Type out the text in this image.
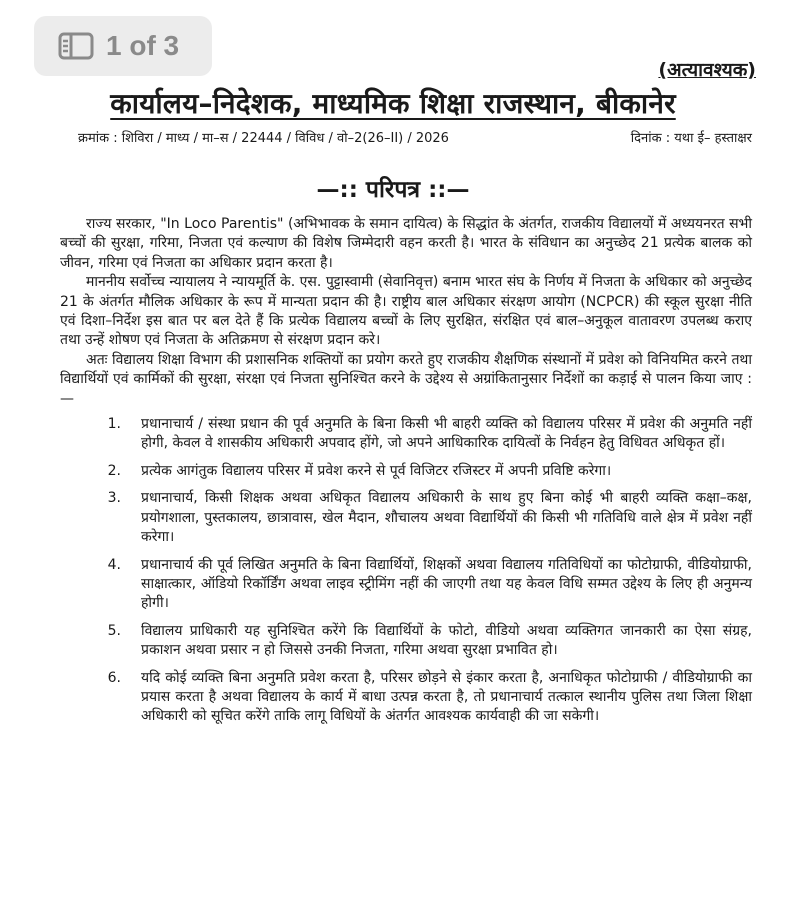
1 of 3
(अत्यावश्यक)
कार्यालय–निदेशक, माध्यमिक शिक्षा राजस्थान, बीकानेर
क्रमांक : शिविरा / माध्य / मा–स / 22444 / विविध / वो–2(26–II) / 2026	दिनांक : यथा ई– हस्ताक्षर
—:: परिपत्र ::—

राज्य सरकार, "In Loco Parentis" (अभिभावक के समान दायित्व) के सिद्धांत के अंतर्गत, राजकीय विद्यालयों में अध्ययनरत सभी बच्चों की सुरक्षा, गरिमा, निजता एवं कल्याण की विशेष जिम्मेदारी वहन करती है। भारत के संविधान का अनुच्छेद 21 प्रत्येक बालक को जीवन, गरिमा एवं निजता का अधिकार प्रदान करता है।

माननीय सर्वोच्च न्यायालय ने न्यायमूर्ति के. एस. पुट्टास्वामी (सेवानिवृत्त) बनाम भारत संघ के निर्णय में निजता के अधिकार को अनुच्छेद 21 के अंतर्गत मौलिक अधिकार के रूप में मान्यता प्रदान की है। राष्ट्रीय बाल अधिकार संरक्षण आयोग (NCPCR) की स्कूल सुरक्षा नीति एवं दिशा–निर्देश इस बात पर बल देते हैं कि प्रत्येक विद्यालय बच्चों के लिए सुरक्षित, संरक्षित एवं बाल–अनुकूल वातावरण उपलब्ध कराए तथा उन्हें शोषण एवं निजता के अतिक्रमण से संरक्षण प्रदान करे।

अतः विद्यालय शिक्षा विभाग की प्रशासनिक शक्तियों का प्रयोग करते हुए राजकीय शैक्षणिक संस्थानों में प्रवेश को विनियमित करने तथा विद्यार्थियों एवं कार्मिकों की सुरक्षा, संरक्षा एवं निजता सुनिश्चित करने के उद्देश्य से अग्रांकितानुसार निर्देशों का कड़ाई से पालन किया जाए :—

1.	प्रधानाचार्य / संस्था प्रधान की पूर्व अनुमति के बिना किसी भी बाहरी व्यक्ति को विद्यालय परिसर में प्रवेश की अनुमति नहीं होगी, केवल वे शासकीय अधिकारी अपवाद होंगे, जो अपने आधिकारिक दायित्वों के निर्वहन हेतु विधिवत अधिकृत हों।
2.	प्रत्येक आगंतुक विद्यालय परिसर में प्रवेश करने से पूर्व विजिटर रजिस्टर में अपनी प्रविष्टि करेगा।
3.	प्रधानाचार्य, किसी शिक्षक अथवा अधिकृत विद्यालय अधिकारी के साथ हुए बिना कोई भी बाहरी व्यक्ति कक्षा–कक्ष, प्रयोगशाला, पुस्तकालय, छात्रावास, खेल मैदान, शौचालय अथवा विद्यार्थियों की किसी भी गतिविधि वाले क्षेत्र में प्रवेश नहीं करेगा।
4.	प्रधानाचार्य की पूर्व लिखित अनुमति के बिना विद्यार्थियों, शिक्षकों अथवा विद्यालय गतिविधियों का फोटोग्राफी, वीडियोग्राफी, साक्षात्कार, ऑडियो रिकॉर्डिंग अथवा लाइव स्ट्रीमिंग नहीं की जाएगी तथा यह केवल विधि सम्मत उद्देश्य के लिए ही अनुमन्य होगी।
5.	विद्यालय प्राधिकारी यह सुनिश्चित करेंगे कि विद्यार्थियों के फोटो, वीडियो अथवा व्यक्तिगत जानकारी का ऐसा संग्रह, प्रकाशन अथवा प्रसार न हो जिससे उनकी निजता, गरिमा अथवा सुरक्षा प्रभावित हो।
6.	यदि कोई व्यक्ति बिना अनुमति प्रवेश करता है, परिसर छोड़ने से इंकार करता है, अनाधिकृत फोटोग्राफी / वीडियोग्राफी का प्रयास करता है अथवा विद्यालय के कार्य में बाधा उत्पन्न करता है, तो प्रधानाचार्य तत्काल स्थानीय पुलिस तथा जिला शिक्षा अधिकारी को सूचित करेंगे ताकि लागू विधियों के अंतर्गत आवश्यक कार्यवाही की जा सकेगी।
